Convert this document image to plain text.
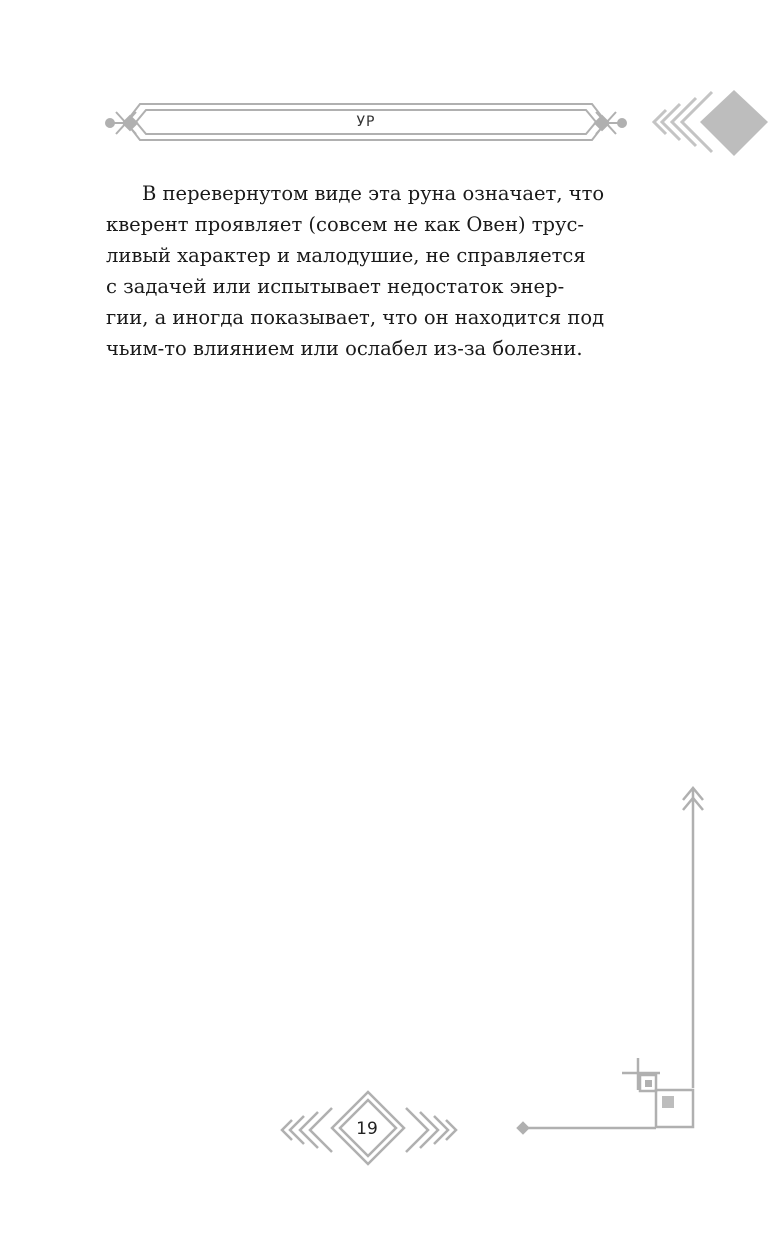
УР

В перевернутом виде эта руна означает, что
кверент проявляет (совсем не как Овен) трус-
ливый характер и малодушие, не справляется
с задачей или испытывает недостаток энер-
гии, а иногда показывает, что он находится под
чьим-то влиянием или ослабел из-за болезни.

19
